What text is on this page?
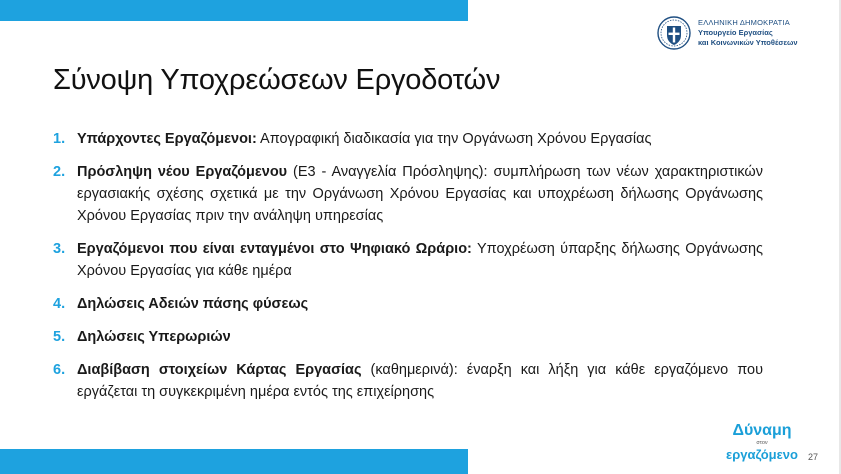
ΕΛΛΗΝΙΚΗ ΔΗΜΟΚΡΑΤΙΑ
Υπουργείο Εργασίας
και Κοινωνικών Υποθέσεων
Σύνοψη Υποχρεώσεων Εργοδοτών
1. Υπάρχοντες Εργαζόμενοι: Απογραφική διαδικασία για την Οργάνωση Χρόνου Εργασίας
2. Πρόσληψη νέου Εργαζόμενου (Ε3 - Αναγγελία Πρόσληψης): συμπλήρωση των νέων χαρακτηριστικών εργασιακής σχέσης σχετικά με την Οργάνωση Χρόνου Εργασίας και υποχρέωση δήλωσης Οργάνωσης Χρόνου Εργασίας πριν την ανάληψη υπηρεσίας
3. Εργαζόμενοι που είναι ενταγμένοι στο Ψηφιακό Ωράριο: Υποχρέωση ύπαρξης δήλωσης Οργάνωσης Χρόνου Εργασίας για κάθε ημέρα
4. Δηλώσεις Αδειών πάσης φύσεως
5. Δηλώσεις Υπερωριών
6. Διαβίβαση στοιχείων Κάρτας Εργασίας (καθημερινά): έναρξη και λήξη για κάθε εργαζόμενο που εργάζεται τη συγκεκριμένη ημέρα εντός της επιχείρησης
Δύναμη
στον
εργαζόμενο	27
